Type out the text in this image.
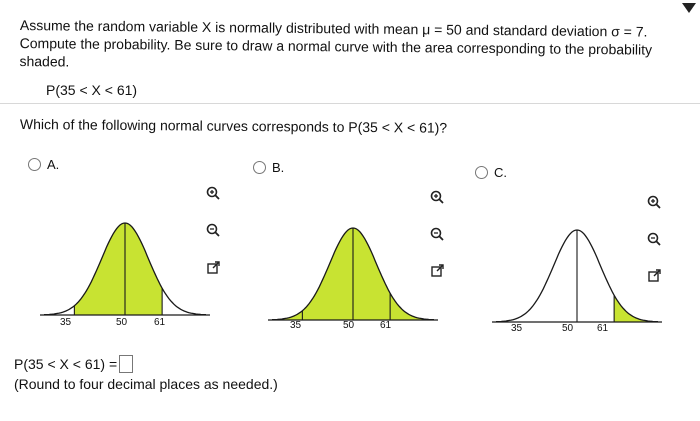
Assume the random variable X is normally distributed with mean μ = 50 and standard deviation σ = 7.
Compute the probability. Be sure to draw a normal curve with the area corresponding to the probability
shaded.
P(35 < X < 61)
Which of the following normal curves corresponds to P(35 < X < 61)?
A.	B.	C.
35	50	61	35	50	61	35	50 61
P(35 < X < 61) =
(Round to four decimal places as needed.)
